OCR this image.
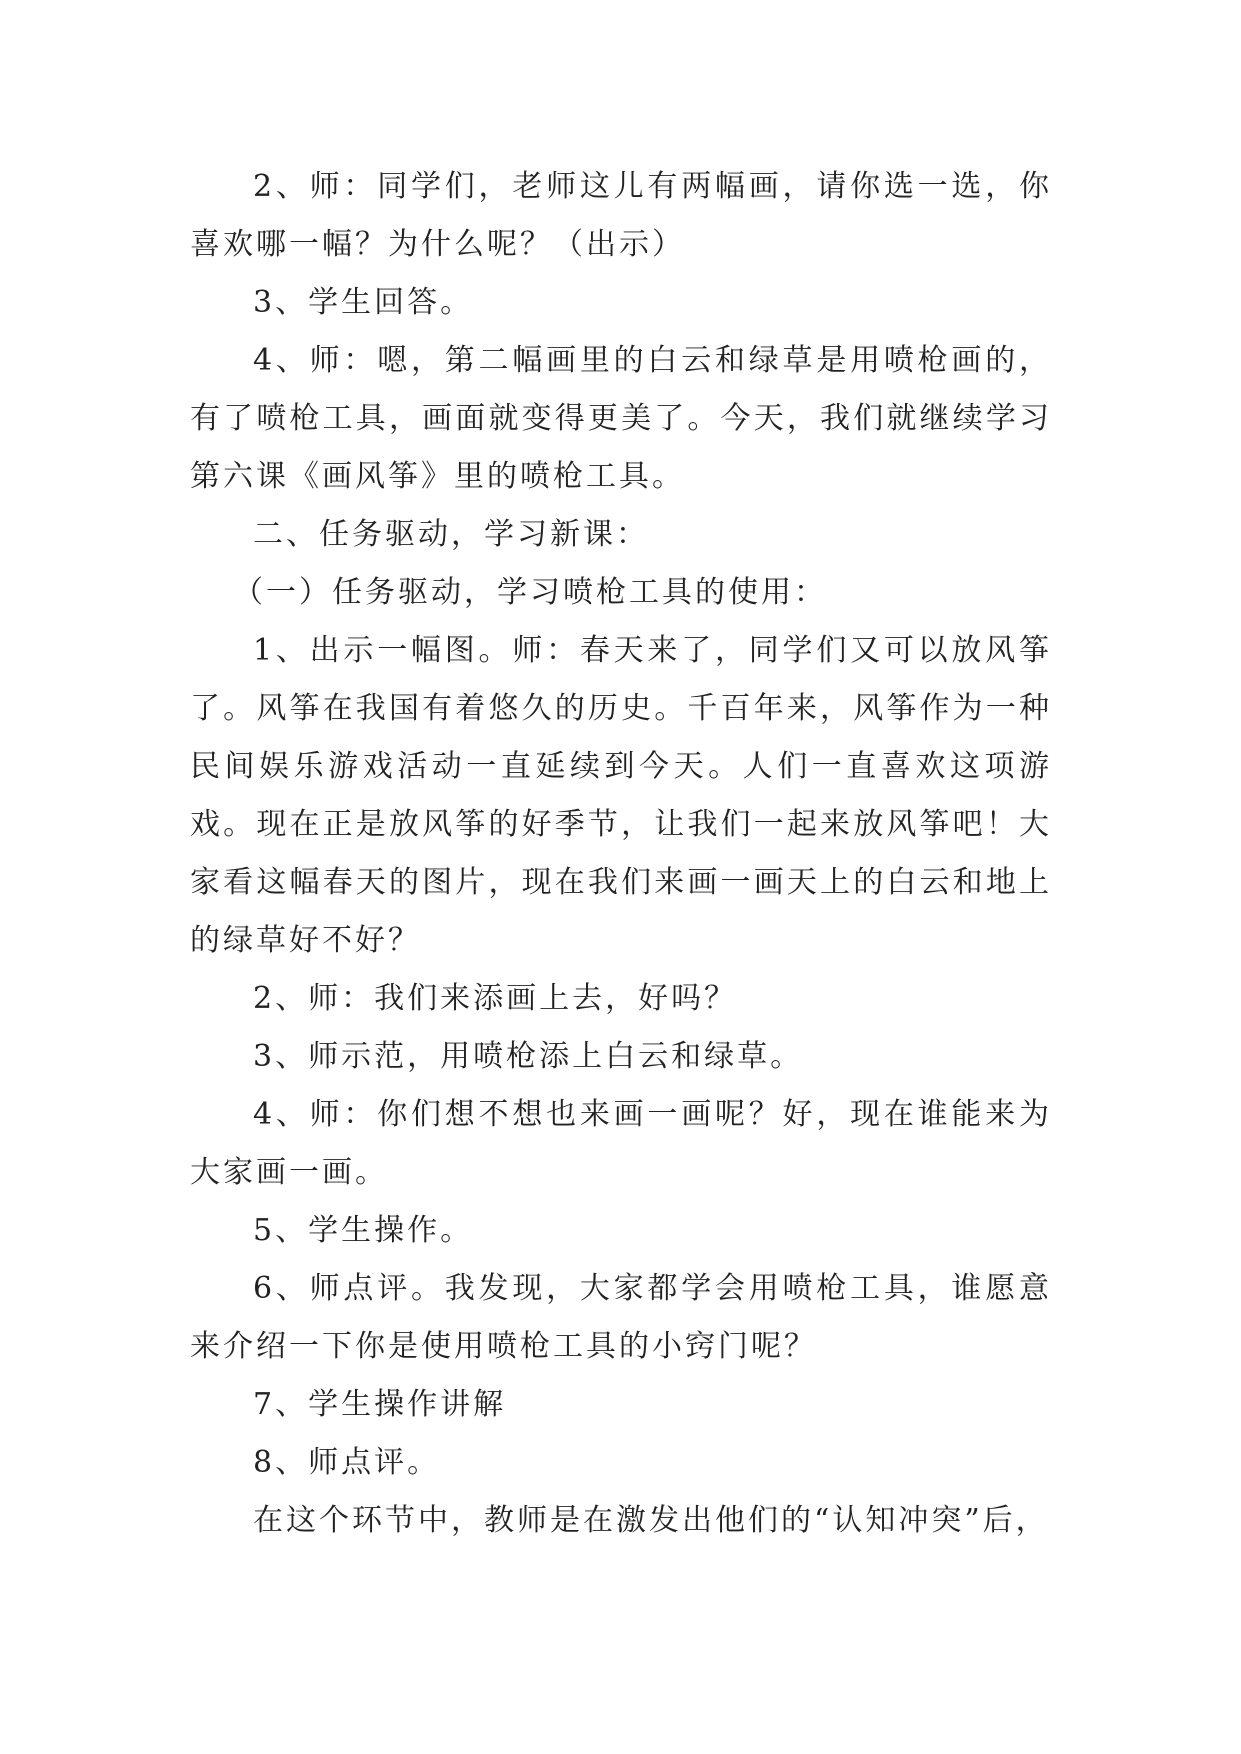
2、师：同学们，老师这儿有两幅画，请你选一选，你喜欢哪一幅？为什么呢？（出示）

3、学生回答。

4、师：嗯，第二幅画里的白云和绿草是用喷枪画的，有了喷枪工具，画面就变得更美了。今天，我们就继续学习第六课《画风筝》里的喷枪工具。

二、任务驱动，学习新课：

（一）任务驱动，学习喷枪工具的使用：

1、出示一幅图。师：春天来了，同学们又可以放风筝了。风筝在我国有着悠久的历史。千百年来，风筝作为一种民间娱乐游戏活动一直延续到今天。人们一直喜欢这项游戏。现在正是放风筝的好季节，让我们一起来放风筝吧！大家看这幅春天的图片，现在我们来画一画天上的白云和地上的绿草好不好？

2、师：我们来添画上去，好吗？

3、师示范，用喷枪添上白云和绿草。

4、师：你们想不想也来画一画呢？好，现在谁能来为大家画一画。

5、学生操作。

6、师点评。我发现，大家都学会用喷枪工具，谁愿意来介绍一下你是使用喷枪工具的小窍门呢？

7、学生操作讲解

8、师点评。

在这个环节中，教师是在激发出他们的“认知冲突”后，
